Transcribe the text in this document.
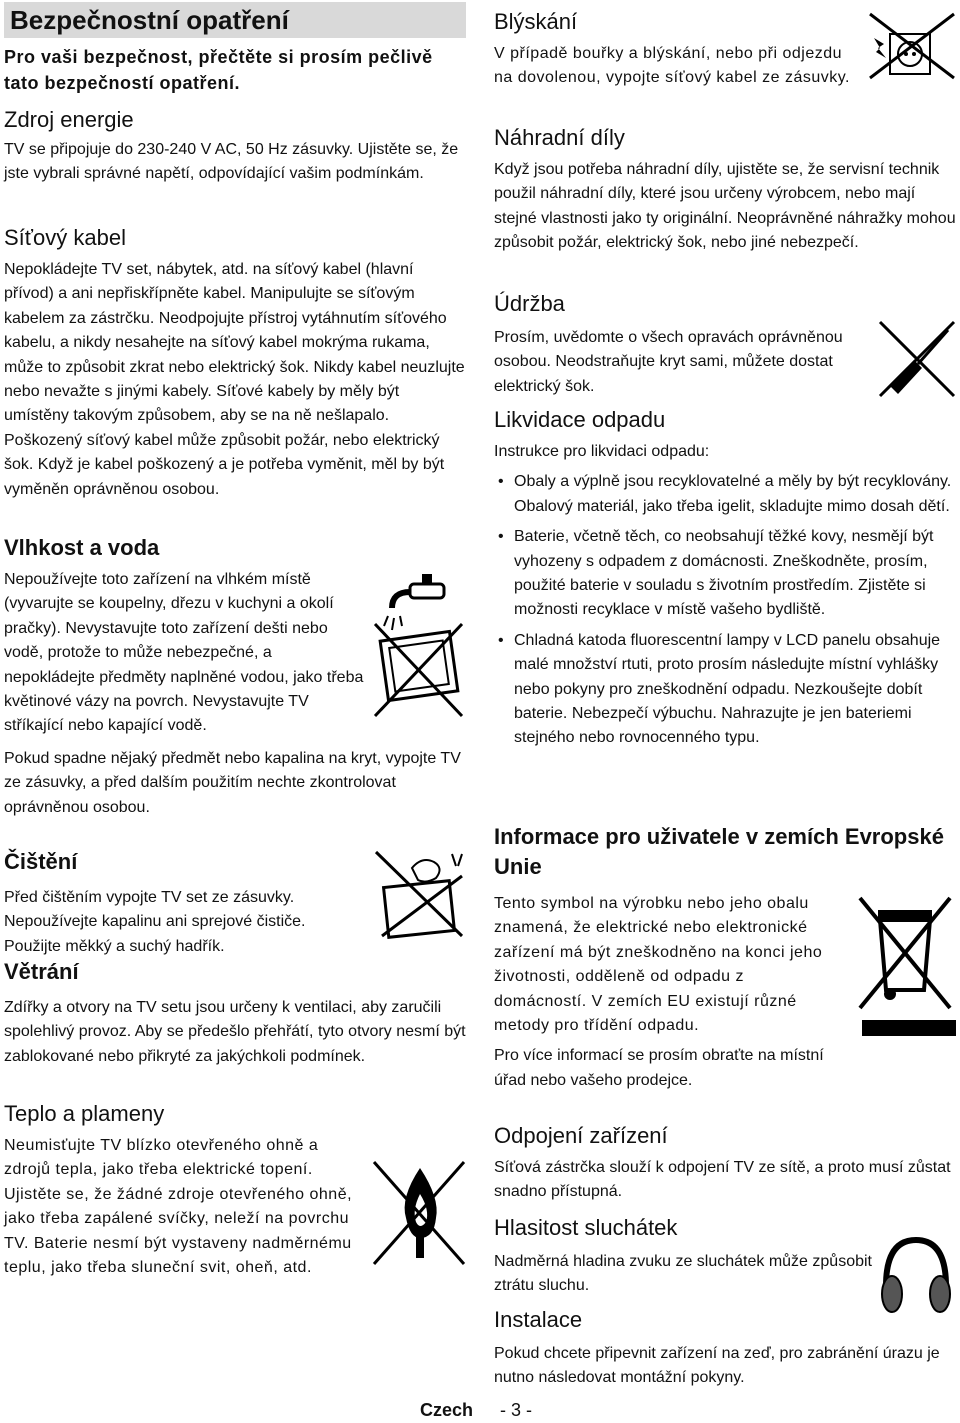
Bezpečnostní opatření

Pro vaši bezpečnost, přečtěte si prosím pečlivě tato bezpečností opatření.

Zdroj energie

TV se připojuje do 230-240 V AC, 50 Hz zásuvky. Ujistěte se, že jste vybrali správné napětí, odpovídající vašim podmínkám.

Síťový kabel

Nepokládejte TV set, nábytek, atd. na síťový kabel (hlavní přívod) a ani nepřiskřípněte kabel. Manipulujte se síťovým kabelem za zástrčku. Neodpojujte přístroj vytáhnutím síťového kabelu, a nikdy nesahejte na síťový kabel mokrýma rukama, může to způsobit zkrat nebo elektrický šok. Nikdy kabel neuzlujte nebo nevažte s jinými kabely. Síťové kabely by měly být umístěny takovým způsobem, aby se na ně nešlapalo. Poškozený síťový kabel může způsobit požár, nebo elektrický šok. Když je kabel poškozený a je potřeba vyměnit, měl by být vyměněn oprávněnou osobou.

Vlhkost a voda

Nepoužívejte toto zařízení na vlhkém místě (vyvarujte se koupelny, dřezu v kuchyni a okolí pračky). Nevystavujte toto zařízení dešti nebo vodě, protože to může nebezpečné, a nepokládejte předměty naplněné vodou, jako třeba květinové vázy na povrch. Nevystavujte TV stříkající nebo kapající vodě.

Pokud spadne nějaký předmět nebo kapalina na kryt, vypojte TV ze zásuvky, a před dalším použitím nechte zkontrolovat oprávněnou osobou.

Čištění

Před čištěním vypojte TV set ze zásuvky. Nepoužívejte kapalinu ani sprejové čističe. Použijte měkký a suchý hadřík.

Větrání

Zdířky a otvory na TV setu jsou určeny k ventilaci, aby zaručili spolehlivý provoz. Aby se předešlo přehřátí, tyto otvory nesmí být zablokované nebo přikryté za jakýchkoli podmínek.

Teplo a plameny

Neumisťujte TV blízko otevřeného ohně a zdrojů tepla, jako třeba elektrické topení. Ujistěte se, že žádné zdroje otevřeného ohně, jako třeba zapálené svíčky, neleží na povrchu TV. Baterie nesmí být vystaveny nadměrnému teplu, jako třeba sluneční svit, oheň, atd.

Blýskání

V případě bouřky a blýskání, nebo při odjezdu na dovolenou, vypojte síťový kabel ze zásuvky.

Náhradní díly

Když jsou potřeba náhradní díly, ujistěte se, že servisní technik použil náhradní díly, které jsou určeny výrobcem, nebo mají stejné vlastnosti jako ty originální. Neoprávněné náhražky mohou způsobit požár, elektrický šok, nebo jiné nebezpečí.

Údržba

Prosím, uvědomte o všech opravách oprávněnou osobou. Neodstraňujte kryt sami, můžete dostat elektrický šok.

Likvidace odpadu

Instrukce pro likvidaci odpadu:

• Obaly a výplně jsou recyklovatelné a měly by být recyklovány. Obalový materiál, jako třeba igelit, skladujte mimo dosah dětí.
• Baterie, včetně těch, co neobsahují těžké kovy, nesmějí být vyhozeny s odpadem z domácnosti. Zneškodněte, prosím, použité baterie v souladu s životním prostředím. Zjistěte si možnosti recyklace v místě vašeho bydliště.
• Chladná katoda fluorescentní lampy v LCD panelu obsahuje malé množství rtuti, proto prosím následujte místní vyhlášky nebo pokyny pro zneškodnění odpadu. Nezkoušejte dobít baterie. Nebezpečí výbuchu. Nahrazujte je jen bateriemi stejného nebo rovnocenného typu.
Informace pro uživatele v zemích Evropské Unie

Tento symbol na výrobku nebo jeho obalu znamená, že elektrické nebo elektronické zařízení má být zneškodněno na konci jeho životnosti, odděleně od odpadu z domácností. V zemích EU existují různé metody pro třídění odpadu.

Pro více informací se prosím obraťte na místní úřad nebo vašeho prodejce.

Odpojení zařízení

Síťová zástrčka slouží k odpojení TV ze sítě, a proto musí zůstat snadno přístupná.

Hlasitost sluchátek

Nadměrná hladina zvuku ze sluchátek může způsobit ztrátu sluchu.

Instalace

Pokud chcete připevnit zařízení na zeď, pro zabránění úrazu je nutno následovat montážní pokyny.

Czech - 3 -
